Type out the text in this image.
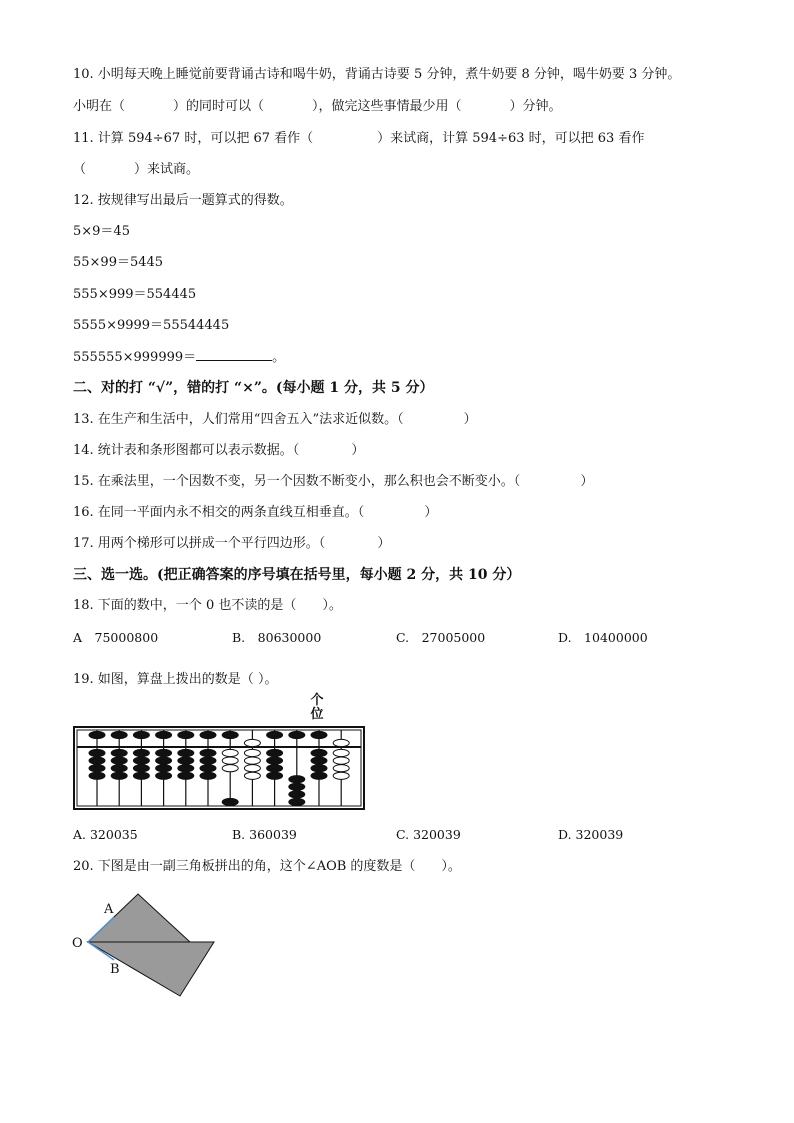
10. 小明每天晚上睡觉前要背诵古诗和喝牛奶，背诵古诗要 5 分钟，煮牛奶要 8 分钟，喝牛奶要 3 分钟。
小明在（	）的同时可以（	），做完这些事情最少用（	）分钟。
11. 计算 594÷67 时，可以把 67 看作（	）来试商，计算 594÷63 时，可以把 63 看作
（	）来试商。
12. 按规律写出最后一题算式的得数。
5×9＝45
55×99＝5445
555×999＝554445
5555×9999＝55544445
555555×999999＝	。
二、对的打 “√”，错的打 “×”。(每小题 1 分，共 5 分）
13. 在生产和生活中，人们常用“四舍五入”法求近似数。（	）
14. 统计表和条形图都可以表示数据。（	）
15. 在乘法里，一个因数不变，另一个因数不断变小，那么积也会不断变小。（	）
16. 在同一平面内永不相交的两条直线互相垂直。（	）
17. 用两个梯形可以拼成一个平行四边形。（	）
三、选一选。(把正确答案的序号填在括号里，每小题 2 分，共 10 分）
18. 下面的数中，一个 0 也不读的是（　　）。
A　75000800	B.　80630000	C.　27005000	D.　10400000
19. 如图，算盘上拨出的数是（ ）。
个位
A. 320035	B. 360039	C. 320039	D. 320039
20. 下图是由一副三角板拼出的角，这个∠AOB 的度数是（　　）。
A
O
B
